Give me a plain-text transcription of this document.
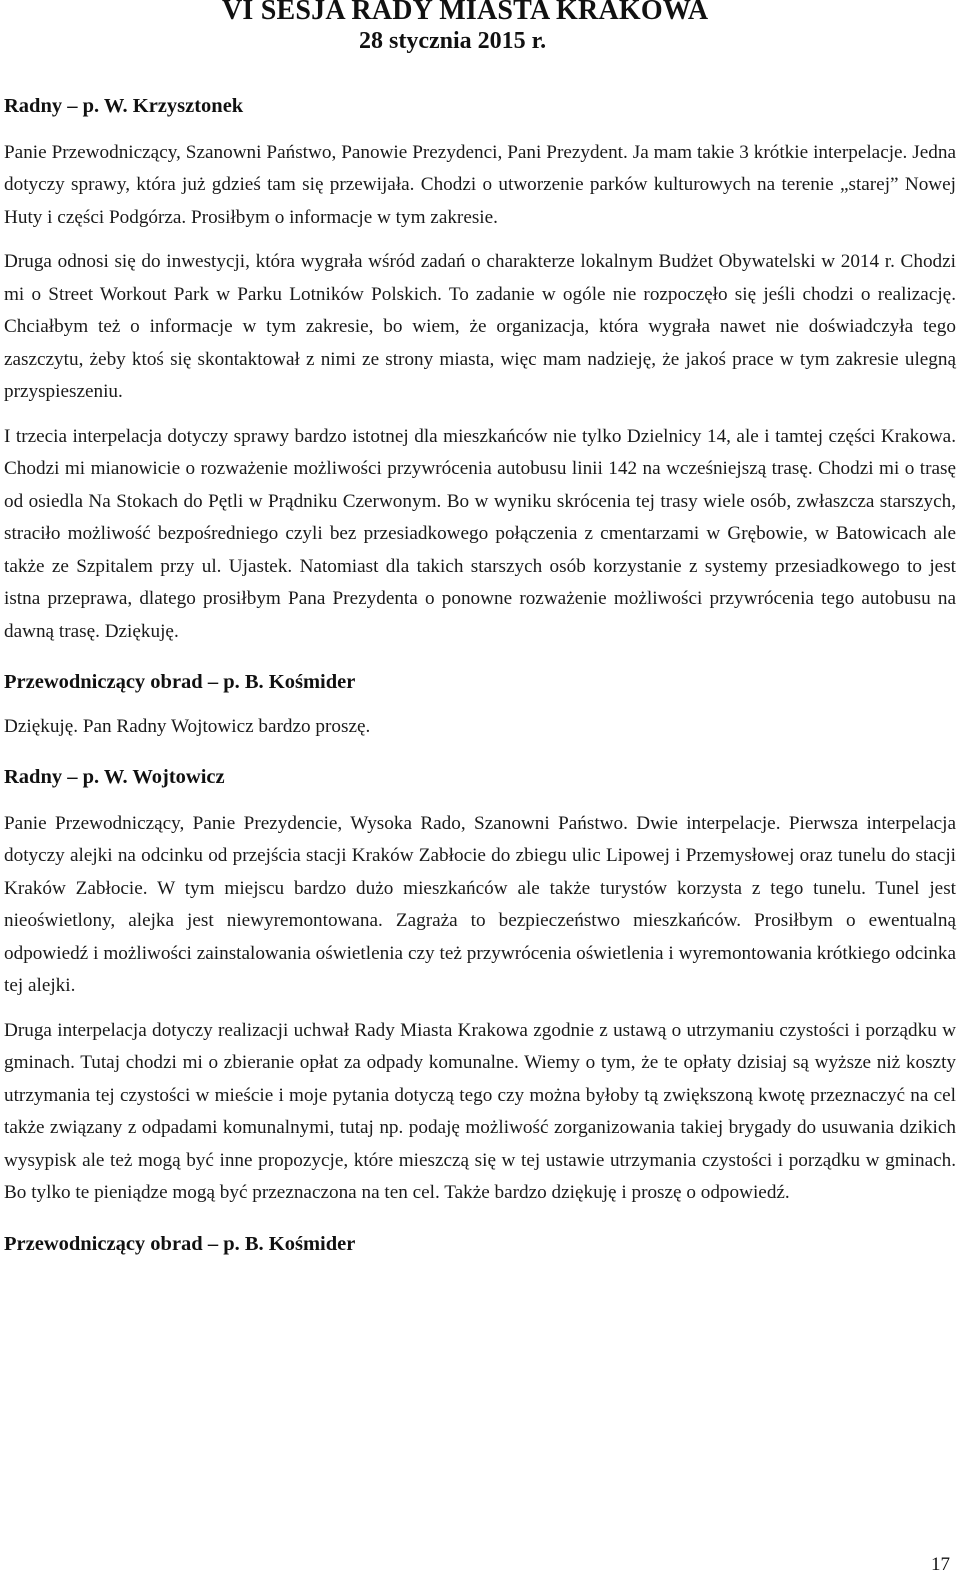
VI SESJA RADY MIASTA KRAKOWA
28 stycznia 2015 r.

Radny – p. W. Krzysztonek

Panie Przewodniczący, Szanowni Państwo, Panowie Prezydenci, Pani Prezydent. Ja mam takie 3 krótkie interpelacje. Jedna dotyczy sprawy, która już gdzieś tam się przewijała. Chodzi o utworzenie parków kulturowych na terenie „starej” Nowej Huty i części Podgórza. Prosiłbym o informacje w tym zakresie.

Druga odnosi się do inwestycji, która wygrała wśród zadań o charakterze lokalnym Budżet Obywatelski w 2014 r. Chodzi mi o Street Workout Park w Parku Lotników Polskich. To zadanie w ogóle nie rozpoczęło się jeśli chodzi o realizację. Chciałbym też o informacje w tym zakresie, bo wiem, że organizacja, która wygrała nawet nie doświadczyła tego zaszczytu, żeby ktoś się skontaktował z nimi ze strony miasta, więc mam nadzieję, że jakoś prace w tym zakresie ulegną przyspieszeniu.

I trzecia interpelacja dotyczy sprawy bardzo istotnej dla mieszkańców nie tylko Dzielnicy 14, ale i tamtej części Krakowa. Chodzi mi mianowicie o rozważenie możliwości przywrócenia autobusu linii 142 na wcześniejszą trasę. Chodzi mi o trasę od osiedla Na Stokach do Pętli w Prądniku Czerwonym. Bo w wyniku skrócenia tej trasy wiele osób, zwłaszcza starszych, straciło możliwość bezpośredniego czyli bez przesiadkowego połączenia z cmentarzami w Grębowie, w Batowicach ale także ze Szpitalem przy ul. Ujastek. Natomiast dla takich starszych osób korzystanie z systemy przesiadkowego to jest istna przeprawa, dlatego prosiłbym Pana Prezydenta o ponowne rozważenie możliwości przywrócenia tego autobusu na dawną trasę. Dziękuję.

Przewodniczący obrad – p. B. Kośmider

Dziękuję. Pan Radny Wojtowicz bardzo proszę.

Radny – p. W. Wojtowicz

Panie Przewodniczący, Panie Prezydencie, Wysoka Rado, Szanowni Państwo. Dwie interpelacje. Pierwsza interpelacja dotyczy alejki na odcinku od przejścia stacji Kraków Zabłocie do zbiegu ulic Lipowej i Przemysłowej oraz tunelu do stacji Kraków Zabłocie. W tym miejscu bardzo dużo mieszkańców ale także turystów korzysta z tego tunelu. Tunel jest nieoświetlony, alejka jest niewyremontowana. Zagraża to bezpieczeństwo mieszkańców. Prosiłbym o ewentualną odpowiedź i możliwości zainstalowania oświetlenia czy też przywrócenia oświetlenia i wyremontowania krótkiego odcinka tej alejki.

Druga interpelacja dotyczy realizacji uchwał Rady Miasta Krakowa zgodnie z ustawą o utrzymaniu czystości i porządku w gminach. Tutaj chodzi mi o zbieranie opłat za odpady komunalne. Wiemy o tym, że te opłaty dzisiaj są wyższe niż koszty utrzymania tej czystości w mieście i moje pytania dotyczą tego czy można byłoby tą zwiększoną kwotę przeznaczyć na cel także związany z odpadami komunalnymi, tutaj np. podaję możliwość zorganizowania takiej brygady do usuwania dzikich wysypisk ale też mogą być inne propozycje, które mieszczą się w tej ustawie utrzymania czystości i porządku w gminach. Bo tylko te pieniądze mogą być przeznaczona na ten cel. Także bardzo dziękuję i proszę o odpowiedź.

Przewodniczący obrad – p. B. Kośmider

17
